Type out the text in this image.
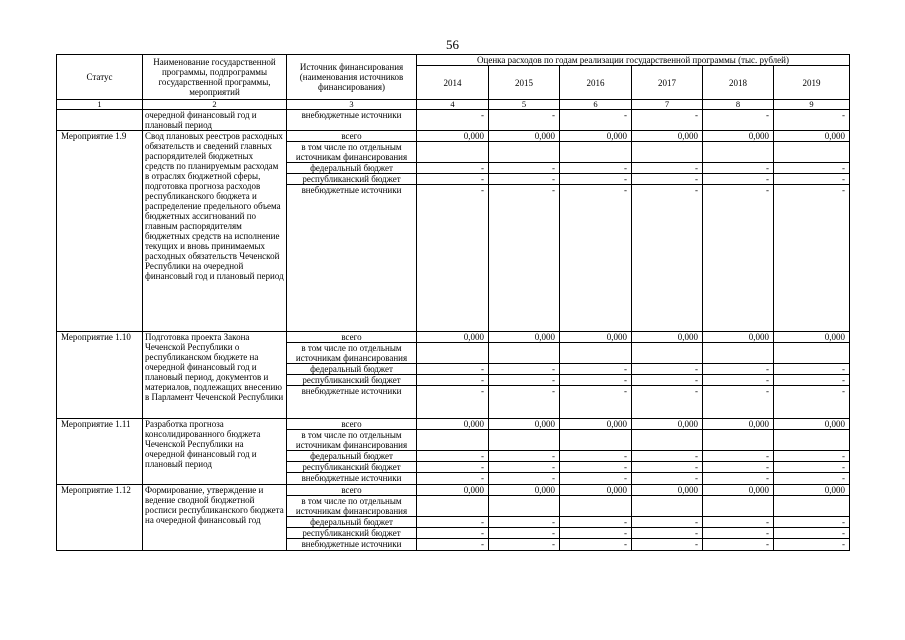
56
Статус	Наименование государственной программы, подпрограммы государственной программы, мероприятий	Источник финансирования (наименования источников финансирования)	Оценка расходов по годам реализации государственной программы (тыс. рублей)					
			2014	2015	2016	2017	2018	2019
1	2	3	4	5	6	7	8	9
	очередной финансовый год и плановый период	внебюджетные источники	-	-	-	-	-	-
Мероприятие 1.9	Свод плановых реестров расходных обязательств и сведений главных распорядителей бюджетных средств по планируемым расходам в отраслях бюджетной сферы, подготовка прогноза расходов республиканского бюджета и распределение предельного объема бюджетных ассигнований по главным распорядителям бюджетных средств на исполнение текущих и вновь принимаемых расходных обязательств Чеченской Республики на очередной финансовый год и плановый период	всего	0,000	0,000	0,000	0,000	0,000	0,000
		в том числе по отдельным источникам финансирования						
		федеральный бюджет	-	-	-	-	-	-
		республиканский бюджет	-	-	-	-	-	-
		внебюджетные источники	-	-	-	-	-	-
Мероприятие 1.10	Подготовка проекта Закона Чеченской Республики о республиканском бюджете на очередной финансовый год и плановый период, документов и материалов, подлежащих внесению в Парламент Чеченской Республики	всего	0,000	0,000	0,000	0,000	0,000	0,000
		в том числе по отдельным источникам финансирования						
		федеральный бюджет	-	-	-	-	-	-
		республиканский бюджет	-	-	-	-	-	-
		внебюджетные источники	-	-	-	-	-	-
Мероприятие 1.11	Разработка прогноза консолидированного бюджета Чеченской Республики на очередной финансовый год и плановый период	всего	0,000	0,000	0,000	0,000	0,000	0,000
		в том числе по отдельным источникам финансирования						
		федеральный бюджет	-	-	-	-	-	-
		республиканский бюджет	-	-	-	-	-	-
		внебюджетные источники	-	-	-	-	-	-
Мероприятие 1.12	Формирование, утверждение и ведение сводной бюджетной росписи республиканского бюджета на очередной финансовый год	всего	0,000	0,000	0,000	0,000	0,000	0,000
		в том числе по отдельным источникам финансирования						
		федеральный бюджет	-	-	-	-	-	-
		республиканский бюджет	-	-	-	-	-	-
		внебюджетные источники	-	-	-	-	-	-
